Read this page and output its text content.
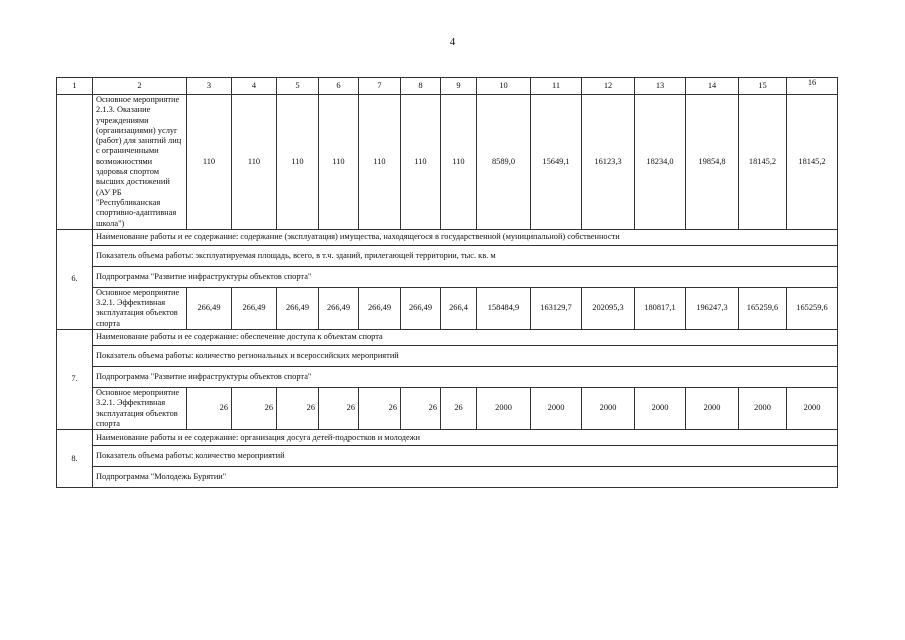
4
1	2	3	4	5	6	7	8	9	10	11	12	13	14	15	16
	Основное мероприятие 2.1.3. Оказание учреждениями (организациями) услуг (работ) для занятий лиц с ограниченными возможностями здоровья спортом высших достижений (АУ РБ "Республиканская спортивно-адаптивная школа")	110	110	110	110	110	110	110	8589,0	15649,1	16123,3	18234,0	19854,8	18145,2	18145,2
6.	Наименование работы и ее содержание: содержание (эксплуатация) имущества, находящегося в государственной (муниципальной) собственности														
	Показатель объема работы: эксплуатируемая площадь, всего, в т.ч. зданий, прилегающей территории, тыс. кв. м														
	Подпрограмма "Развитие инфраструктуры объектов спорта"														
	Основное мероприятие 3.2.1. Эффективная эксплуатация объектов спорта	266,49	266,49	266,49	266,49	266,49	266,49	266,4	158484,9	163129,7	202095,3	180817,1	196247,3	165259,6	165259,6
7.	Наименование работы и ее содержание: обеспечение доступа к объектам спорта														
	Показатель объема работы: количество региональных и всероссийских мероприятий														
	Подпрограмма "Развитие инфраструктуры объектов спорта"														
	Основное мероприятие 3.2.1. Эффективная эксплуатация объектов спорта	26	26	26	26	26	26	26	2000	2000	2000	2000	2000	2000	2000
8.	Наименование работы и ее содержание: организация досуга детей-подростков и молодежи														
	Показатель объема работы: количество мероприятий														
	Подпрограмма "Молодежь Бурятии"														
